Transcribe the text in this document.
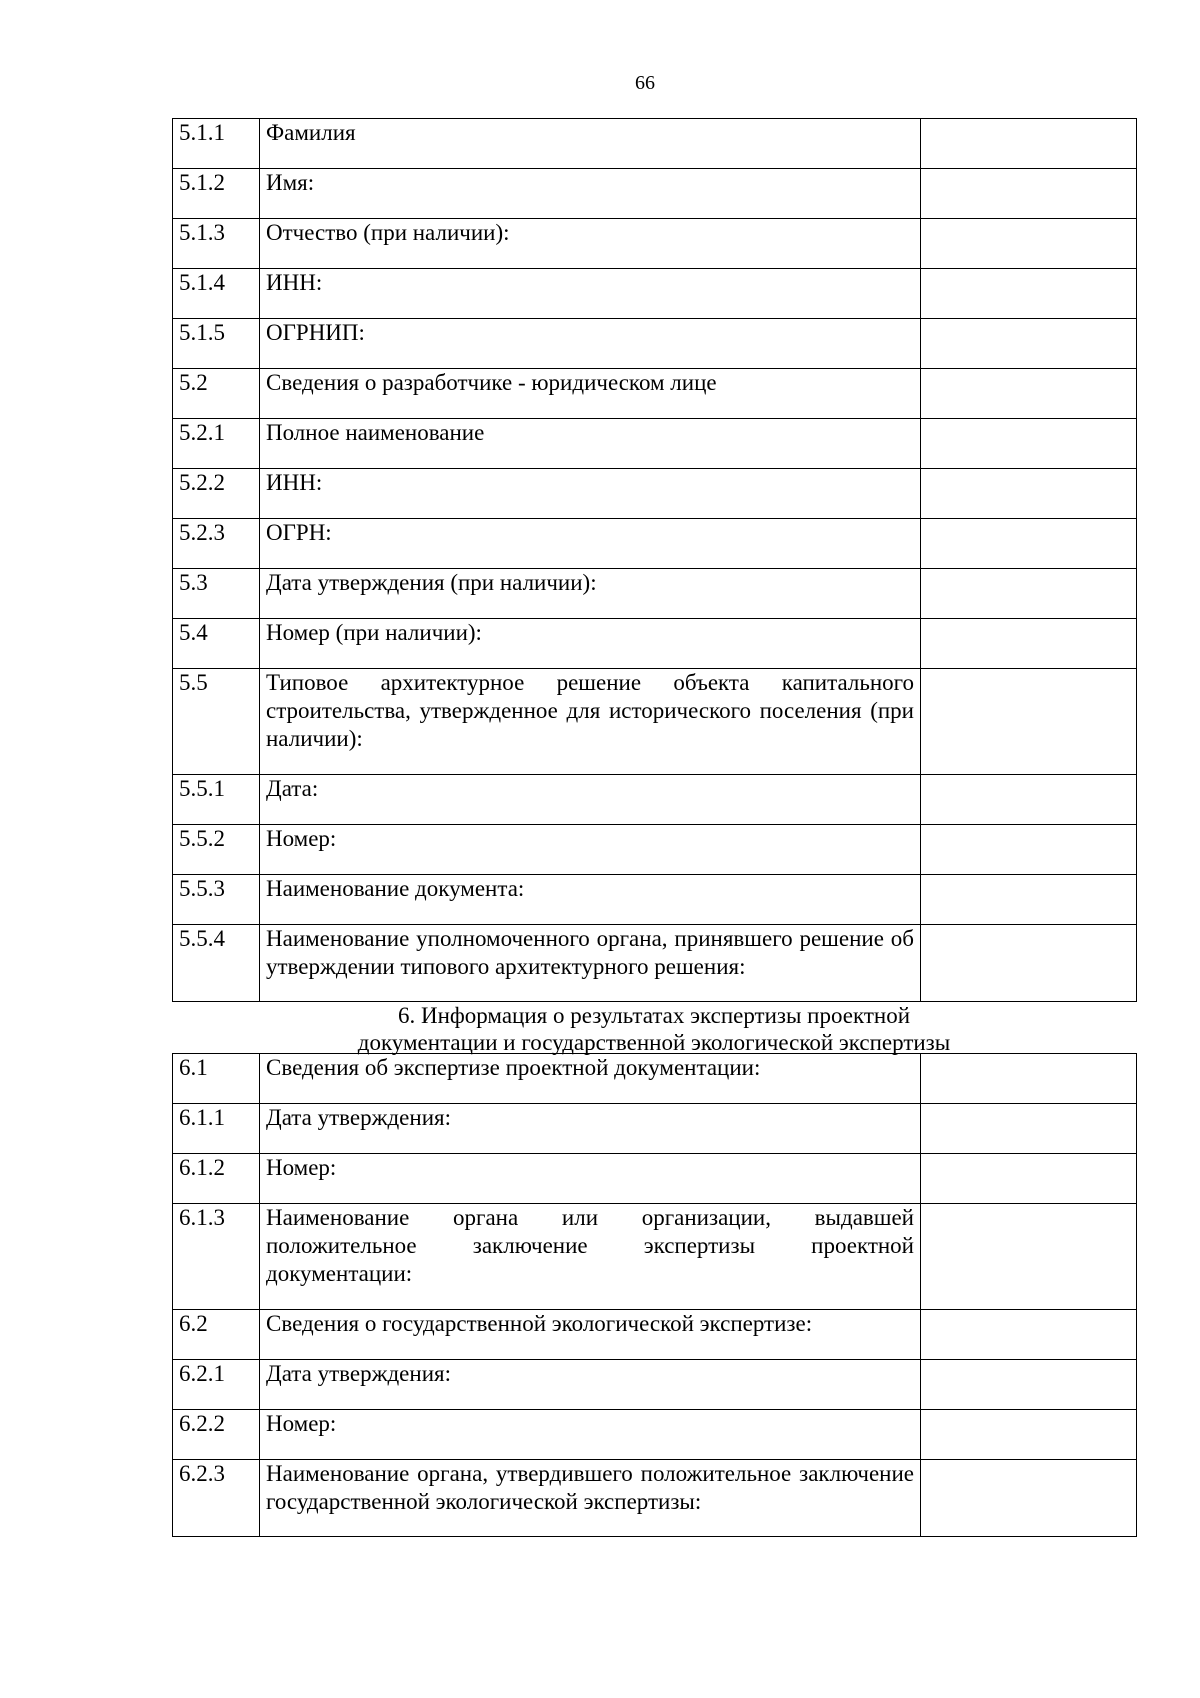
66
5.1.1	Фамилия	
5.1.2	Имя:	
5.1.3	Отчество (при наличии):	
5.1.4	ИНН:	
5.1.5	ОГРНИП:	
5.2	Сведения о разработчике - юридическом лице	
5.2.1	Полное наименование	
5.2.2	ИНН:	
5.2.3	ОГРН:	
5.3	Дата утверждения (при наличии):	
5.4	Номер (при наличии):	
5.5	Типовое архитектурное решение объекта капитального строительства, утвержденное для исторического поселения (при наличии):	
5.5.1	Дата:	
5.5.2	Номер:	
5.5.3	Наименование документа:	
5.5.4	Наименование уполномоченного органа, принявшего решение об утверждении типового архитектурного решения:	
6. Информация о результатах экспертизы проектной
документации и государственной экологической экспертизы
6.1	Сведения об экспертизе проектной документации:	
6.1.1	Дата утверждения:	
6.1.2	Номер:	
6.1.3	Наименование органа или организации, выдавшей положительное заключение экспертизы проектной документации:	
6.2	Сведения о государственной экологической экспертизе:	
6.2.1	Дата утверждения:	
6.2.2	Номер:	
6.2.3	Наименование органа, утвердившего положительное заключение государственной экологической экспертизы:	
